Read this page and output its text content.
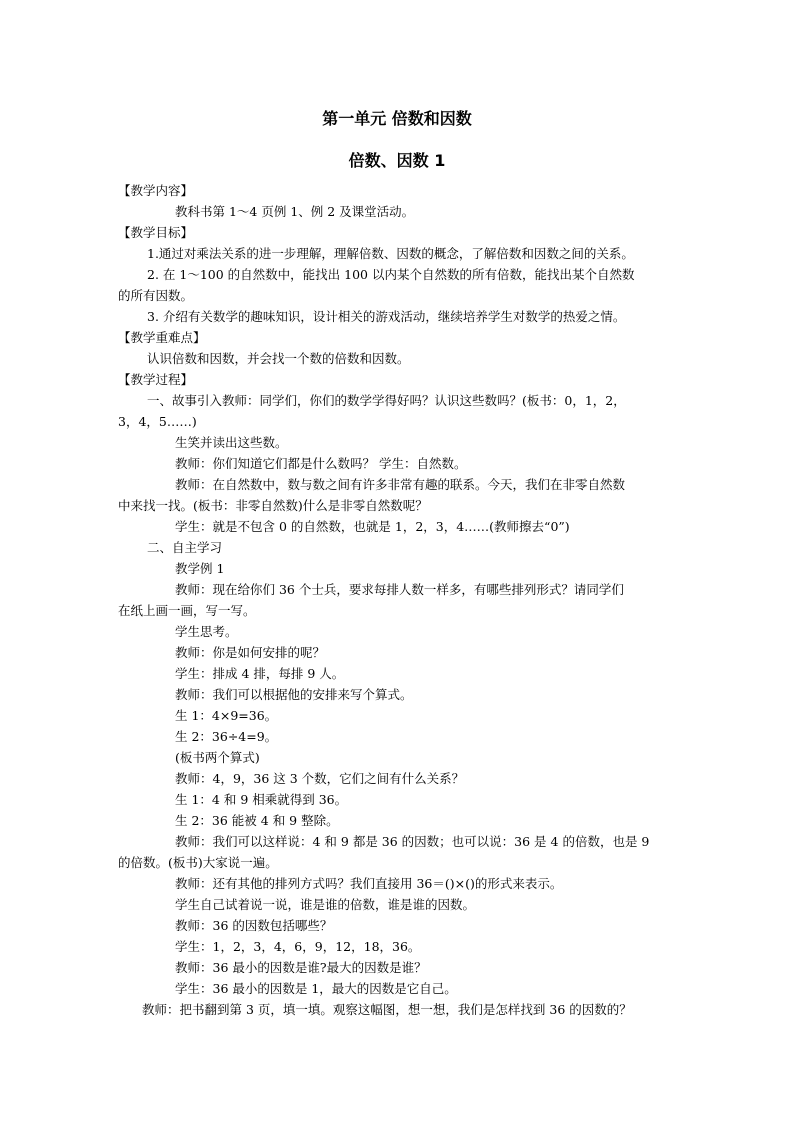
第一单元 倍数和因数
倍数、因数 1
【教学内容】
教科书第 1～4 页例 1、例 2 及课堂活动。
【教学目标】
1.通过对乘法关系的进一步理解，理解倍数、因数的概念，了解倍数和因数之间的关系。
2. 在 1～100 的自然数中，能找出 100 以内某个自然数的所有倍数，能找出某个自然数
的所有因数。
3. 介绍有关数学的趣味知识，设计相关的游戏活动，继续培养学生对数学的热爱之情。
【教学重难点】
认识倍数和因数，并会找一个数的倍数和因数。
【教学过程】
一、故事引入教师：同学们，你们的数学学得好吗？认识这些数吗？(板书：0，1，2，
3，4，5……)
生笑并读出这些数。
教师：你们知道它们都是什么数吗？ 学生：自然数。
教师：在自然数中，数与数之间有许多非常有趣的联系。今天，我们在非零自然数
中来找一找。(板书：非零自然数)什么是非零自然数呢？
学生：就是不包含 0 的自然数，也就是 1，2，3，4……(教师擦去“0”)
二、自主学习
教学例 1
教师：现在给你们 36 个士兵，要求每排人数一样多，有哪些排列形式？请同学们
在纸上画一画，写一写。
学生思考。
教师：你是如何安排的呢？
学生：排成 4 排，每排 9 人。
教师：我们可以根据他的安排来写个算式。
生 1：4×9=36。
生 2：36÷4=9。
(板书两个算式)
教师：4，9，36 这 3 个数，它们之间有什么关系？
生 1：4 和 9 相乘就得到 36。
生 2：36 能被 4 和 9 整除。
教师：我们可以这样说：4 和 9 都是 36 的因数；也可以说：36 是 4 的倍数，也是 9
的倍数。(板书)大家说一遍。
教师：还有其他的排列方式吗？我们直接用 36＝()×()的形式来表示。
学生自己试着说一说，谁是谁的倍数，谁是谁的因数。
教师：36 的因数包括哪些？
学生：1，2，3，4，6，9，12，18，36。
教师：36 最小的因数是谁?最大的因数是谁？
学生：36 最小的因数是 1，最大的因数是它自己。
教师：把书翻到第 3 页，填一填。观察这幅图，想一想，我们是怎样找到 36 的因数的？
